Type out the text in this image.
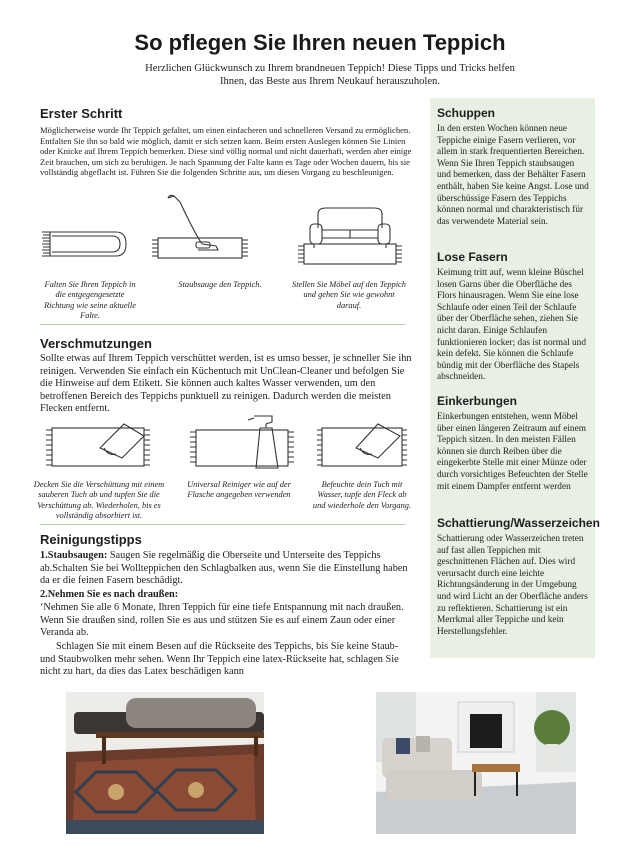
So pflegen Sie Ihren neuen Teppich
Herzlichen Glückwunsch zu Ihrem brandneuen Teppich! Diese Tipps und Tricks helfen Ihnen, das Beste aus Ihrem Neukauf herauszuholen.
Erster Schritt
Möglicherweise wurde Ihr Teppich gefaltet, um einen einfacheren und schnelleren Versand zu ermöglichen. Entfalten Sie ihn so bald wie möglich, damit er sich setzen kann. Beim ersten Auslegen können Sie Linien oder Knicke auf Ihrem Teppich bemerken. Diese sind völlig normal und nicht dauerhaft, werden aber einige Zeit brauchen, um sich zu beruhigen. Je nach Spannung der Falte kann es Tage oder Wochen dauern, bis sie vollständig abgeflacht ist. Führen Sie die folgenden Schritte aus, um diesen Vorgang zu beschleunigen.
Falten Sie Ihren Teppich in die entgegengesetzte Richtung wie seine aktuelle Falte.
Staubsauge den Teppich.	Stellen Sie Möbel auf den Teppich und gehen Sie wie gewohnt darauf.
Verschmutzungen
Sollte etwas auf Ihrem Teppich verschüttet werden, ist es umso besser, je schneller Sie ihn reinigen. Verwenden Sie einfach ein Küchentuch mit UnClean-Cleaner und befolgen Sie die Hinweise auf dem Etikett. Sie können auch kaltes Wasser verwenden, um den betroffenen Bereich des Teppichs punktuell zu reinigen. Dadurch werden die meisten Flecken entfernt.
Decken Sie die Verschüttung mit einem sauberen Tuch ab und tupfen Sie die Verschüttung ab. Wiederholen, bis es vollständig absorbiert ist.
Universal Reiniger wie auf der Flasche angegeben verwenden
Befeuchte dein Tuch mit Wasser, tupfe den Fleck ab und wiederhole den Vorgang.
Reinigungstipps
1.Staubsaugen: Saugen Sie regelmäßig die Oberseite und Unterseite des Teppichs ab.Schalten Sie bei Wollteppichen den Schlagbalken aus, wenn Sie die Einstellung haben da er die feinen Fasern beschädigt.
2.Nehmen Sie es nach draußen:
‘Nehmen Sie alle 6 Monate, Ihren Teppich für eine tiefe Entspannung mit nach draußen. Wenn Sie draußen sind, rollen Sie es aus und stützen Sie es auf einem Zaun oder einer Veranda ab.
Schlagen Sie mit einem Besen auf die Rückseite des Teppichs, bis Sie keine Staub- und Staubwolken mehr sehen. Wenn Ihr Teppich eine latex-Rückseite hat, schlagen Sie nicht zu hart, da dies das Latex beschädigen kann
Schuppen
In den ersten Wochen können neue Teppiche einige Fasern verlieren, vor allem in stark frequentierten Bereichen. Wenn Sie Ihren Teppich staubsaugen und bemerken, dass der Behälter Fasern enthält, haben Sie keine Angst. Lose und überschüssige Fasern des Teppichs können normal und charakteristisch für das verwendete Material sein.
Lose Fasern
Keimung tritt auf, wenn kleine Büschel losen Garns über die Oberfläche des Flors hinausragen. Wenn Sie eine lose Schlaufe oder einen Teil der Schlaufe über der Oberfläche sehen, ziehen Sie nicht daran. Einige Schlaufen funktionieren locker; das ist normal und kein defekt. Sie können die Schlaufe bündig mit der Oberfläche des Stapels abschneiden.
Einkerbungen
Einkerbungen entstehen, wenn Möbel über einen längeren Zeitraum auf einem Teppich sitzen. In den meisten Fällen können sie durch Reiben über die eingekerbte Stelle mit einer Münze oder durch vorsichtiges Befeuchten der Stelle mit einem Dampfer entfernt werden
Schattierung/Wasserzeichen
Schattierung oder Wasserzeichen treten auf fast allen Teppichen mit geschnittenen Flächen auf. Dies wird verursacht durch eine leichte Richtungsänderung in der Umgebung und wird Licht an der Oberfläche anders zu reflektieren. Schattierung ist ein Merrkmal aller Teppiche und kein Herstellungsfehler.
